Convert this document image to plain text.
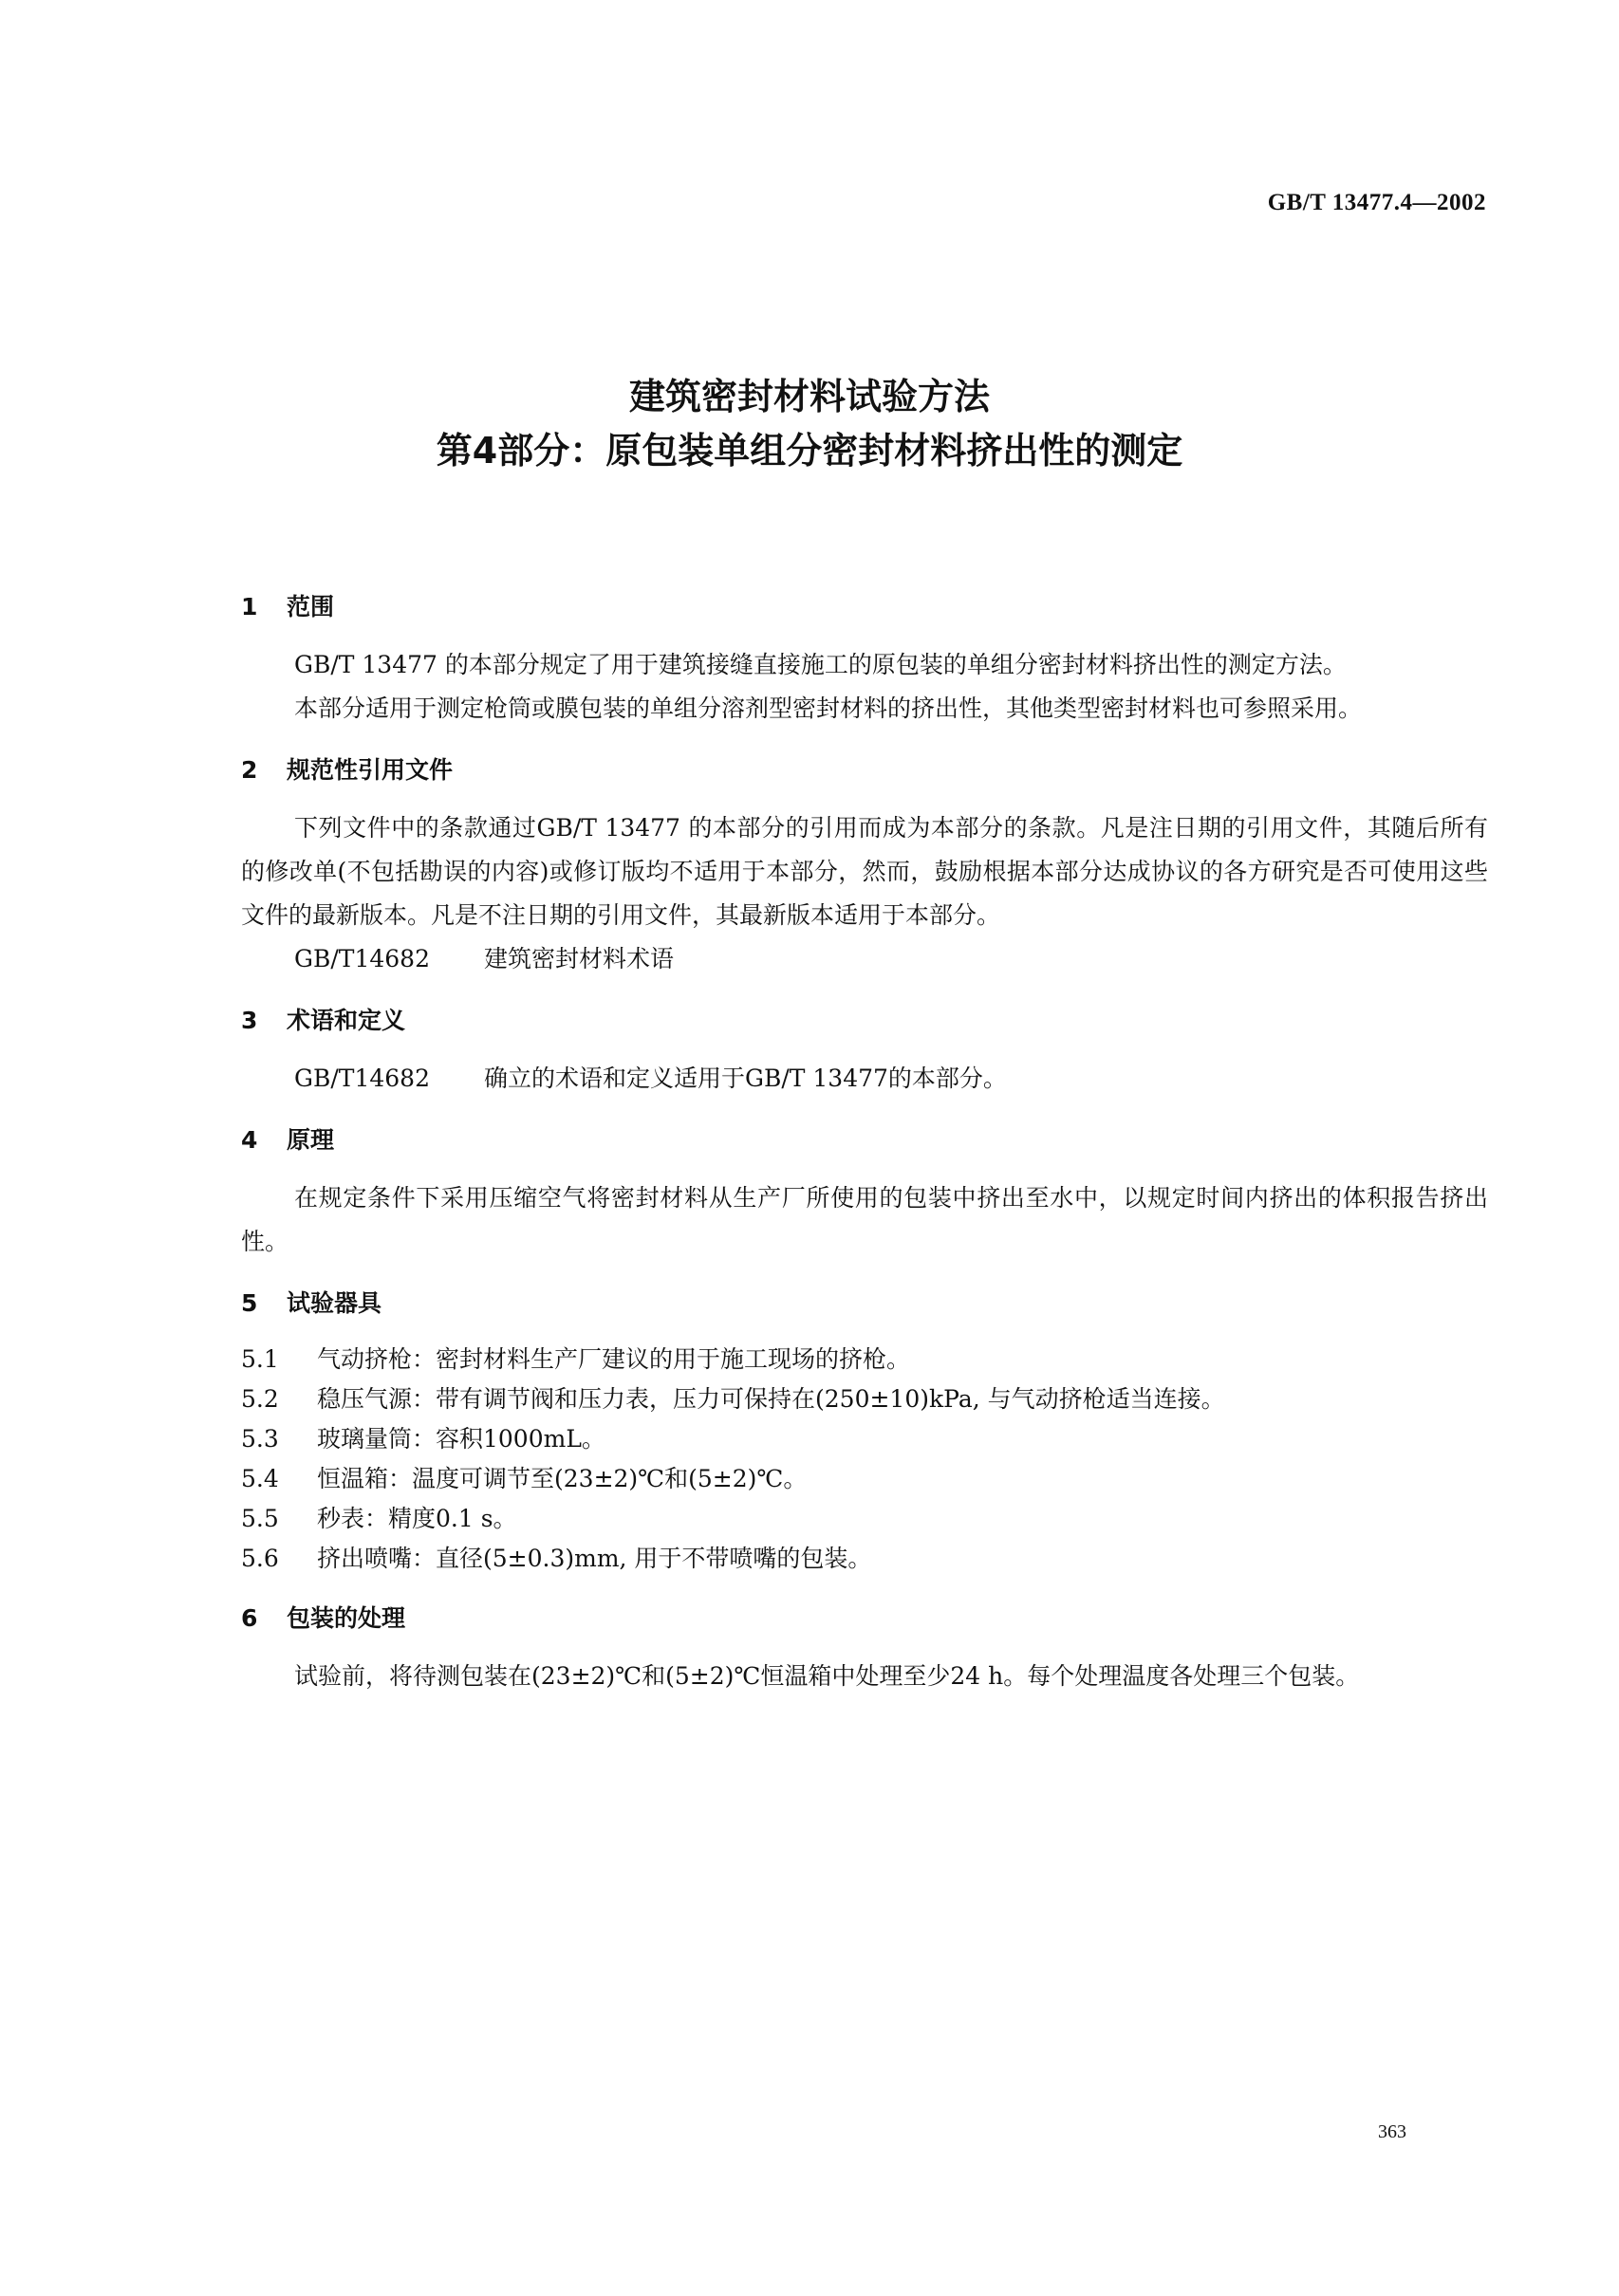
GB/T 13477.4—2002
建筑密封材料试验方法
第4部分：原包装单组分密封材料挤出性的测定
1 范围

GB/T 13477 的本部分规定了用于建筑接缝直接施工的原包装的单组分密封材料挤出性的测定方法。

本部分适用于测定枪筒或膜包装的单组分溶剂型密封材料的挤出性，其他类型密封材料也可参照采用。

2 规范性引用文件

下列文件中的条款通过GB/T 13477 的本部分的引用而成为本部分的条款。凡是注日期的引用文件，其随后所有的修改单(不包括勘误的内容)或修订版均不适用于本部分，然而，鼓励根据本部分达成协议的各方研究是否可使用这些文件的最新版本。凡是不注日期的引用文件，其最新版本适用于本部分。

GB/T14682 建筑密封材料术语
3 术语和定义
GB/T14682 确立的术语和定义适用于GB/T 13477的本部分。
4 原理

在规定条件下采用压缩空气将密封材料从生产厂所使用的包装中挤出至水中，以规定时间内挤出的体积报告挤出性。

5 试验器具
5.1 气动挤枪：密封材料生产厂建议的用于施工现场的挤枪。
5.2 稳压气源：带有调节阀和压力表，压力可保持在(250±10)kPa, 与气动挤枪适当连接。
5.3 玻璃量筒：容积1000mL。
5.4 恒温箱：温度可调节至(23±2)℃和(5±2)℃。
5.5 秒表：精度0.1 s。
5.6 挤出喷嘴：直径(5±0.3)mm, 用于不带喷嘴的包装。
6 包装的处理

试验前，将待测包装在(23±2)℃和(5±2)℃恒温箱中处理至少24 h。每个处理温度各处理三个包装。

363
